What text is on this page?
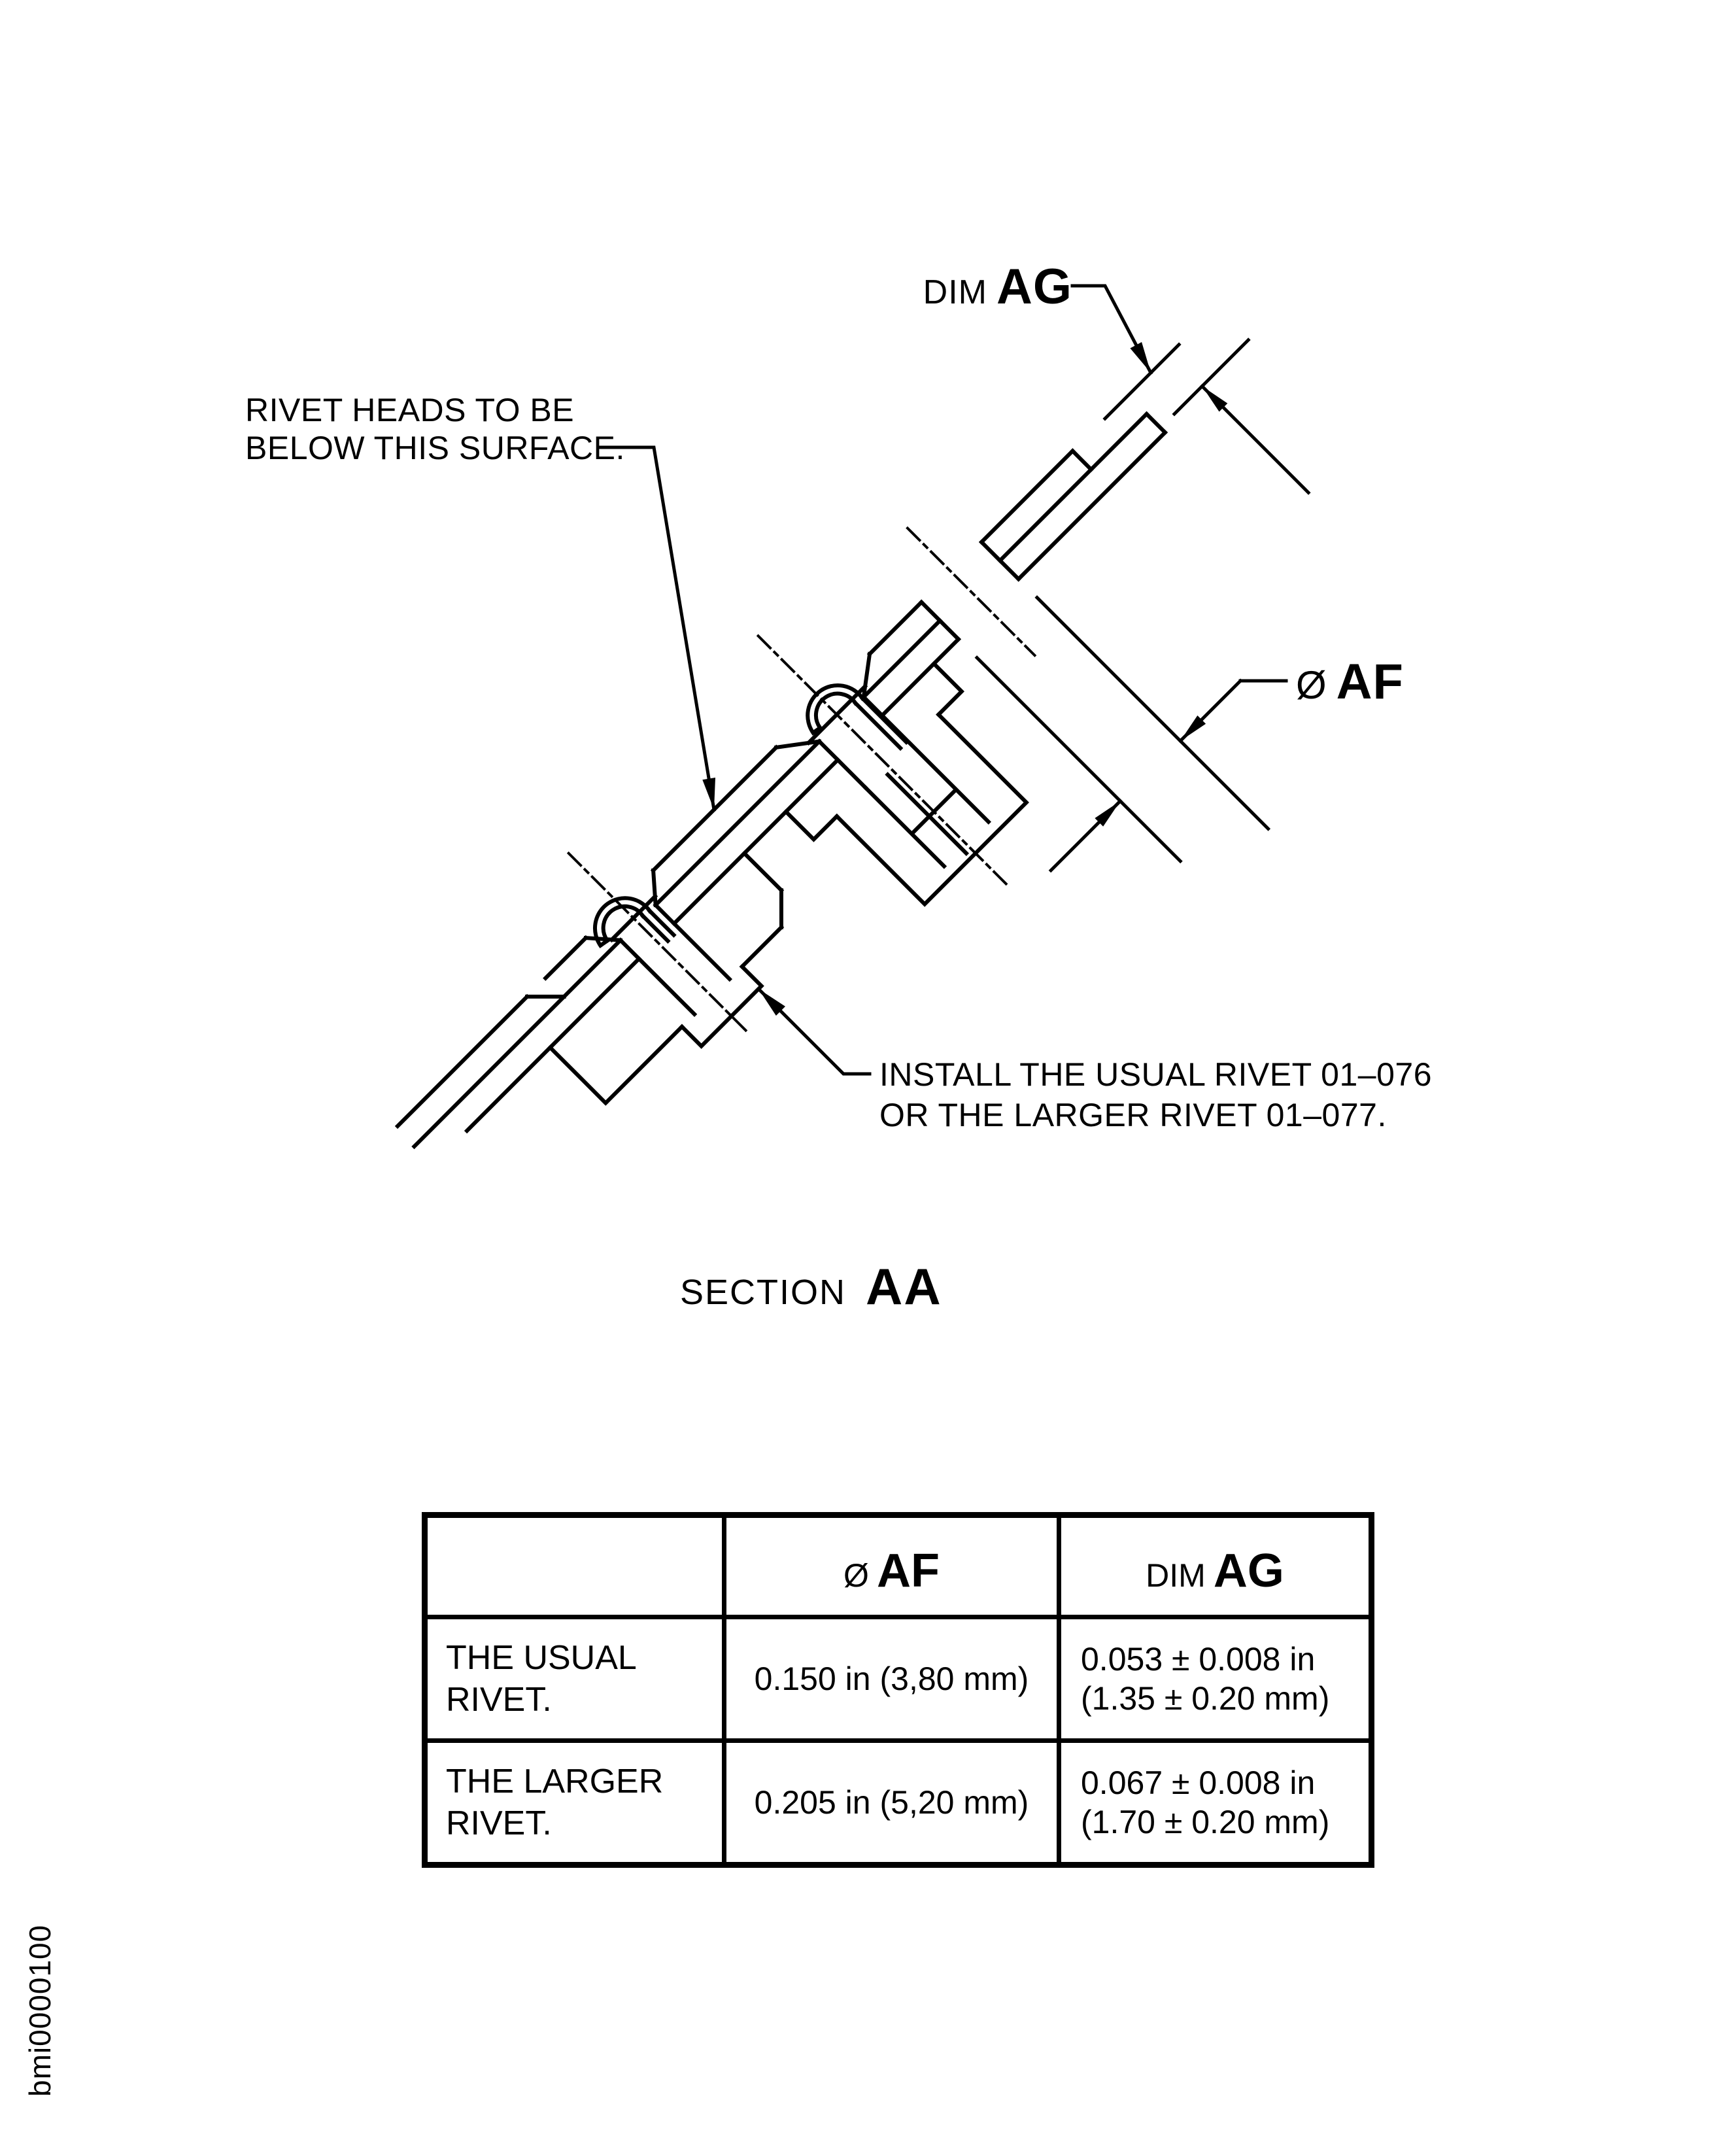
DIM AG
Ø AF
RIVET HEADS TO BE
BELOW THIS SURFACE.
INSTALL THE USUAL RIVET 01–076
OR THE LARGER RIVET 01–077.
SECTION AA
Ø AF	DIM AG
THE USUAL
RIVET.
0.150 in (3,80 mm)
0.053 ± 0.008 in
(1.35 ± 0.20 mm)
THE LARGER
RIVET.
0.205 in (5,20 mm)
0.067 ± 0.008 in
(1.70 ± 0.20 mm)
bmi0000100
